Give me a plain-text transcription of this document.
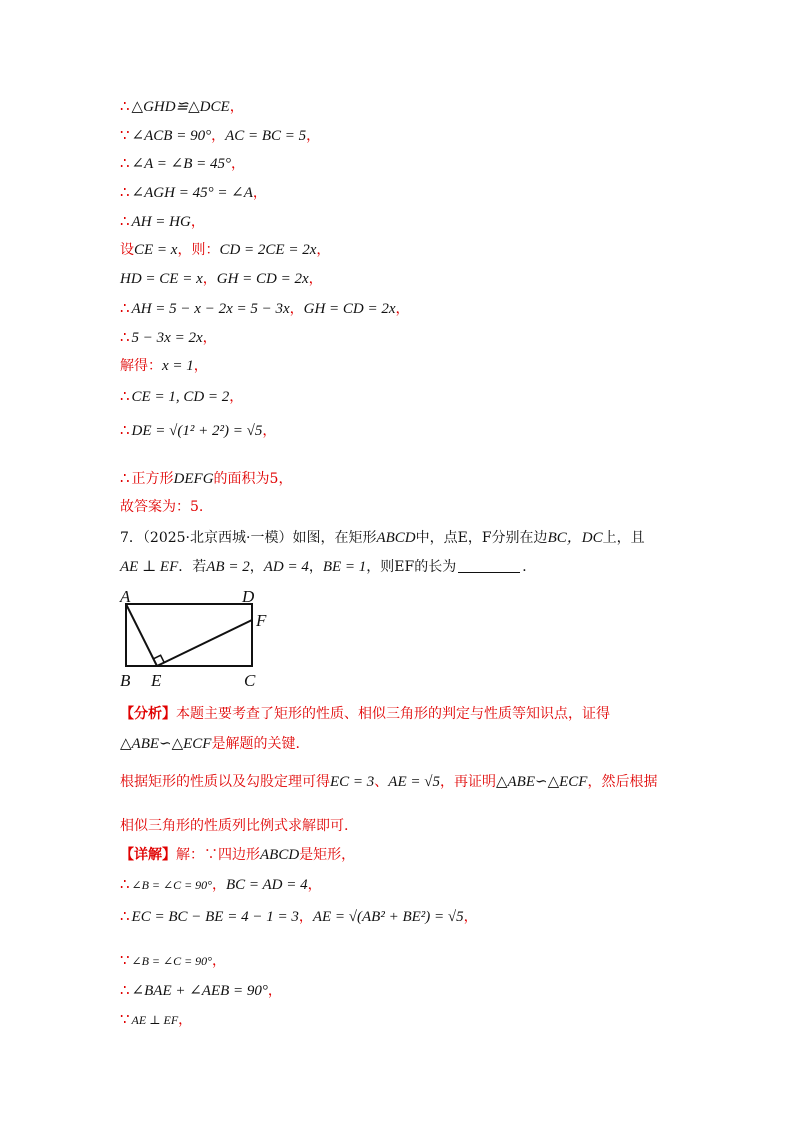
∴ △GHD≌△DCE，
∵ ∠ACB = 90°，AC = BC = 5，
∴ ∠A = ∠B = 45°，
∴ ∠AGH = 45° = ∠A，
∴ AH = HG，
设CE = x，则：CD = 2CE = 2x，
HD = CE = x，GH = CD = 2x，
∴ AH = 5 − x − 2x = 5 − 3x，GH = CD = 2x，
∴ 5 − 3x = 2x，
解得：x = 1，
∴ CE = 1, CD = 2，
∴ DE = √(1² + 2²) = √5，
∴ 正方形DEFG的面积为5，
故答案为：5.
7．（2025·北京西城·一模）如图，在矩形ABCD中，点E，F分别在边BC，DC上，且
AE ⊥ EF．若AB = 2，AD = 4，BE = 1，则EF的长为	．
A	D
F
B E	C
【分析】本题主要考查了矩形的性质、相似三角形的判定与性质等知识点，证得
△ABE∽△ECF是解题的关键.
根据矩形的性质以及勾股定理可得EC = 3、AE = √5，再证明△ABE∽△ECF，然后根据
相似三角形的性质列比例式求解即可.
【详解】解：∵四边形ABCD是矩形，
∴ ∠B = ∠C = 90°，BC = AD = 4，
∴ EC = BC − BE = 4 − 1 = 3，AE = √(AB² + BE²) = √5，
∵ ∠B = ∠C = 90°，
∴ ∠BAE + ∠AEB = 90°，
∵ AE ⊥ EF，
